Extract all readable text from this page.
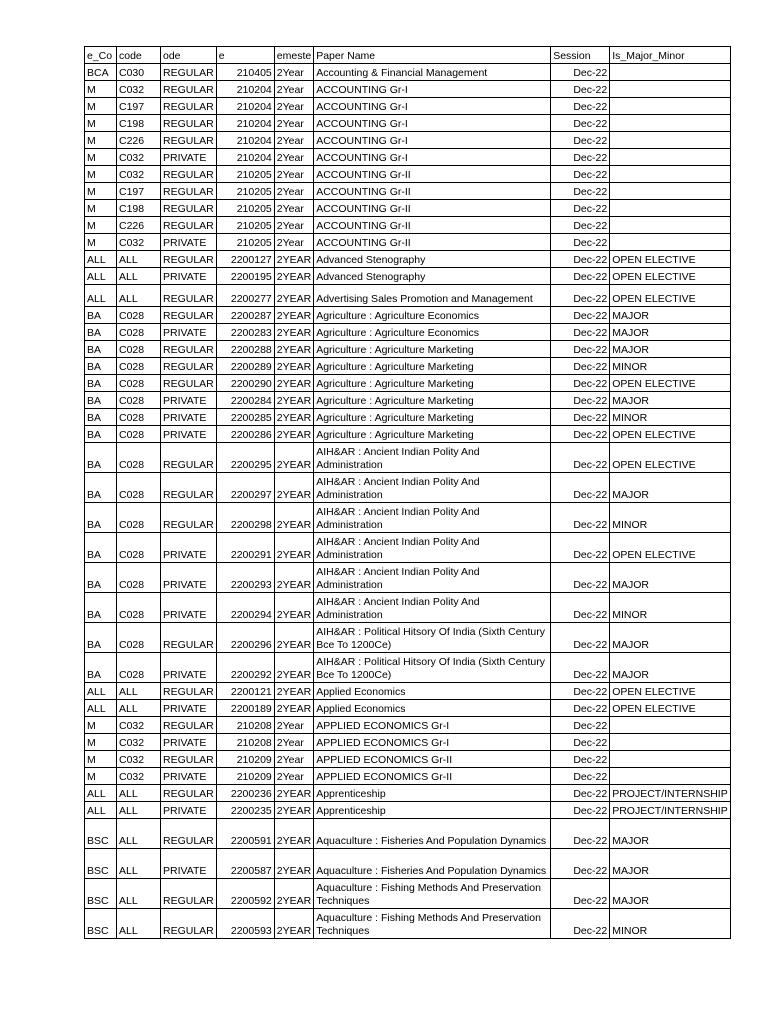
e_Co	code	ode	e	emeste	Paper Name	Session	Is_Major_Minor
BCA	C030	REGULAR	210405	2Year	Accounting & Financial Management	Dec-22	
M	C032	REGULAR	210204	2Year	ACCOUNTING Gr-I	Dec-22	
M	C197	REGULAR	210204	2Year	ACCOUNTING Gr-I	Dec-22	
M	C198	REGULAR	210204	2Year	ACCOUNTING Gr-I	Dec-22	
M	C226	REGULAR	210204	2Year	ACCOUNTING Gr-I	Dec-22	
M	C032	PRIVATE	210204	2Year	ACCOUNTING Gr-I	Dec-22	
M	C032	REGULAR	210205	2Year	ACCOUNTING Gr-II	Dec-22	
M	C197	REGULAR	210205	2Year	ACCOUNTING Gr-II	Dec-22	
M	C198	REGULAR	210205	2Year	ACCOUNTING Gr-II	Dec-22	
M	C226	REGULAR	210205	2Year	ACCOUNTING Gr-II	Dec-22	
M	C032	PRIVATE	210205	2Year	ACCOUNTING Gr-II	Dec-22	
ALL	ALL	REGULAR	2200127	2YEAR	Advanced Stenography	Dec-22	OPEN ELECTIVE
ALL	ALL	PRIVATE	2200195	2YEAR	Advanced Stenography	Dec-22	OPEN ELECTIVE
ALL	ALL	REGULAR	2200277	2YEAR	Advertising Sales Promotion and Management	Dec-22	OPEN ELECTIVE
BA	C028	REGULAR	2200287	2YEAR	Agriculture : Agriculture Economics	Dec-22	MAJOR
BA	C028	PRIVATE	2200283	2YEAR	Agriculture : Agriculture Economics	Dec-22	MAJOR
BA	C028	REGULAR	2200288	2YEAR	Agriculture : Agriculture Marketing	Dec-22	MAJOR
BA	C028	REGULAR	2200289	2YEAR	Agriculture : Agriculture Marketing	Dec-22	MINOR
BA	C028	REGULAR	2200290	2YEAR	Agriculture : Agriculture Marketing	Dec-22	OPEN ELECTIVE
BA	C028	PRIVATE	2200284	2YEAR	Agriculture : Agriculture Marketing	Dec-22	MAJOR
BA	C028	PRIVATE	2200285	2YEAR	Agriculture : Agriculture Marketing	Dec-22	MINOR
BA	C028	PRIVATE	2200286	2YEAR	Agriculture : Agriculture Marketing	Dec-22	OPEN ELECTIVE
BA	C028	REGULAR	2200295	2YEAR	AIH&AR : Ancient Indian Polity And Administration	Dec-22	OPEN ELECTIVE
BA	C028	REGULAR	2200297	2YEAR	AIH&AR : Ancient Indian Polity And Administration	Dec-22	MAJOR
BA	C028	REGULAR	2200298	2YEAR	AIH&AR : Ancient Indian Polity And Administration	Dec-22	MINOR
BA	C028	PRIVATE	2200291	2YEAR	AIH&AR : Ancient Indian Polity And Administration	Dec-22	OPEN ELECTIVE
BA	C028	PRIVATE	2200293	2YEAR	AIH&AR : Ancient Indian Polity And Administration	Dec-22	MAJOR
BA	C028	PRIVATE	2200294	2YEAR	AIH&AR : Ancient Indian Polity And Administration	Dec-22	MINOR
BA	C028	REGULAR	2200296	2YEAR	AIH&AR : Political Hitsory Of India (Sixth Century Bce To 1200Ce)	Dec-22	MAJOR
BA	C028	PRIVATE	2200292	2YEAR	AIH&AR : Political Hitsory Of India (Sixth Century Bce To 1200Ce)	Dec-22	MAJOR
ALL	ALL	REGULAR	2200121	2YEAR	Applied Economics	Dec-22	OPEN ELECTIVE
ALL	ALL	PRIVATE	2200189	2YEAR	Applied Economics	Dec-22	OPEN ELECTIVE
M	C032	REGULAR	210208	2Year	APPLIED ECONOMICS Gr-I	Dec-22	
M	C032	PRIVATE	210208	2Year	APPLIED ECONOMICS Gr-I	Dec-22	
M	C032	REGULAR	210209	2Year	APPLIED ECONOMICS Gr-II	Dec-22	
M	C032	PRIVATE	210209	2Year	APPLIED ECONOMICS Gr-II	Dec-22	
ALL	ALL	REGULAR	2200236	2YEAR	Apprenticeship	Dec-22	PROJECT/INTERNSHIP
ALL	ALL	PRIVATE	2200235	2YEAR	Apprenticeship	Dec-22	PROJECT/INTERNSHIP
BSC	ALL	REGULAR	2200591	2YEAR	Aquaculture : Fisheries And Population Dynamics	Dec-22	MAJOR
BSC	ALL	PRIVATE	2200587	2YEAR	Aquaculture : Fisheries And Population Dynamics	Dec-22	MAJOR
BSC	ALL	REGULAR	2200592	2YEAR	Aquaculture : Fishing Methods And Preservation Techniques	Dec-22	MAJOR
BSC	ALL	REGULAR	2200593	2YEAR	Aquaculture : Fishing Methods And Preservation Techniques	Dec-22	MINOR
